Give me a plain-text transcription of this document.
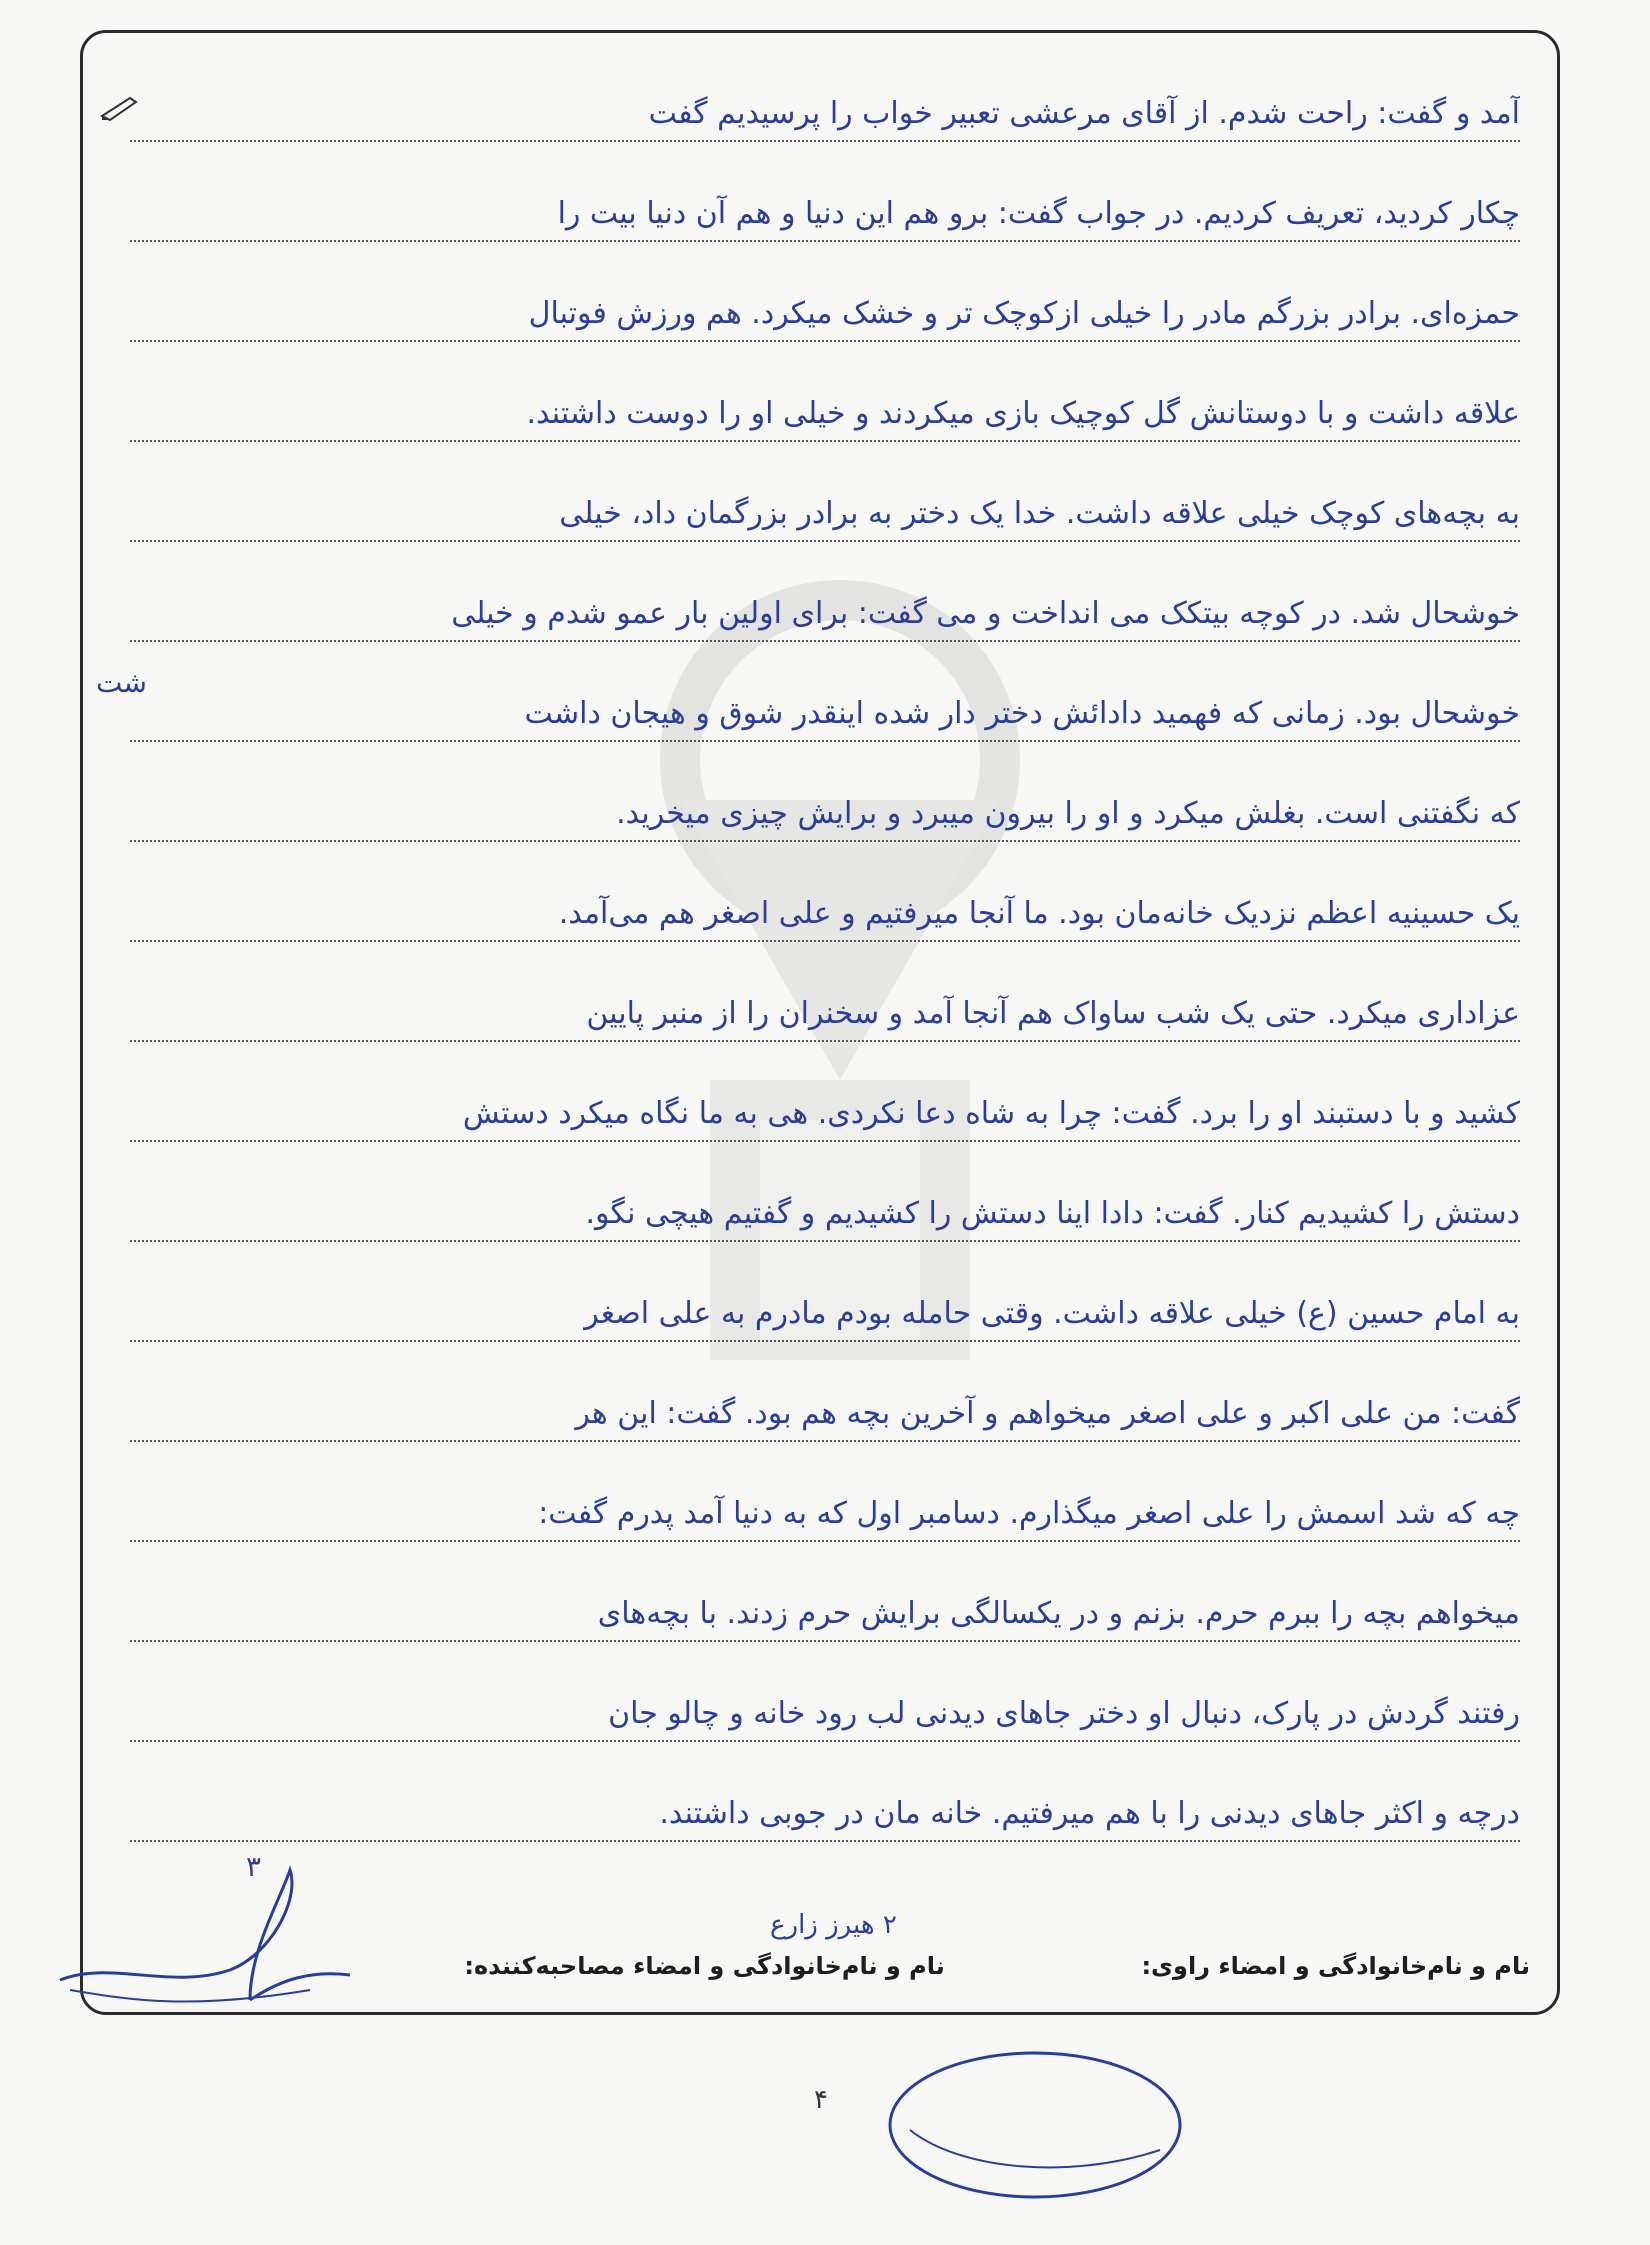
آمد و گفت: راحت شدم. از آقای مرعشی تعبیر خواب را پرسیدیم گفت
چکار کردید، تعریف کردیم. در جواب گفت: برو هم این دنیا و هم آن دنیا بیت را
حمزه‌ای. برادر بزرگم مادر را خیلی ازکوچک تر و خشک میکرد. هم ورزش فوتبال
علاقه داشت و با دوستانش گل کوچیک بازی میکردند و خیلی او را دوست داشتند.
به بچه‌های کوچک خیلی علاقه داشت. خدا یک دختر به برادر بزرگمان داد، خیلی
خوشحال شد. در کوچه بیتکک می انداخت و می گفت: برای اولین بار عمو شدم و خیلی
خوشحال بود. زمانی که فهمید دادائش دختر دار شده اینقدر شوق و هیجان داشت
که نگفتنی است. بغلش میکرد و او را بیرون میبرد و برایش چیزی میخرید.
یک حسینیه اعظم نزدیک خانه‌مان بود. ما آنجا میرفتیم و علی اصغر هم می‌آمد.
عزاداری میکرد. حتی یک شب ساواک هم آنجا آمد و سخنران را از منبر پایین
کشید و با دستبند او را برد. گفت: چرا به شاه دعا نکردی. هی به ما نگاه میکرد دستش
دستش را کشیدیم کنار. گفت: دادا اینا دستش را کشیدیم و گفتیم هیچی نگو.
به امام حسین (ع) خیلی علاقه داشت. وقتی حامله بودم مادرم به علی اصغر
گفت: من علی اکبر و علی اصغر میخواهم و آخرین بچه هم بود. گفت: این هر
چه که شد اسمش را علی اصغر میگذارم. دسامبر اول که به دنیا آمد پدرم گفت:
میخواهم بچه را ببرم حرم. بزنم و در یکسالگی برایش حرم زدند. با بچه‌های
رفتند گردش در پارک، دنبال او دختر جاهای دیدنی لب رود خانه و چالو جان
درچه و اکثر جاهای دیدنی را با هم میرفتیم. خانه مان در جوبی داشتند.
شت
۳
۲ هیرز زارع
نام و نام‌خانوادگی و امضاء راوی:  نام و نام‌خانوادگی و امضاء مصاحبه‌کننده:
۴
